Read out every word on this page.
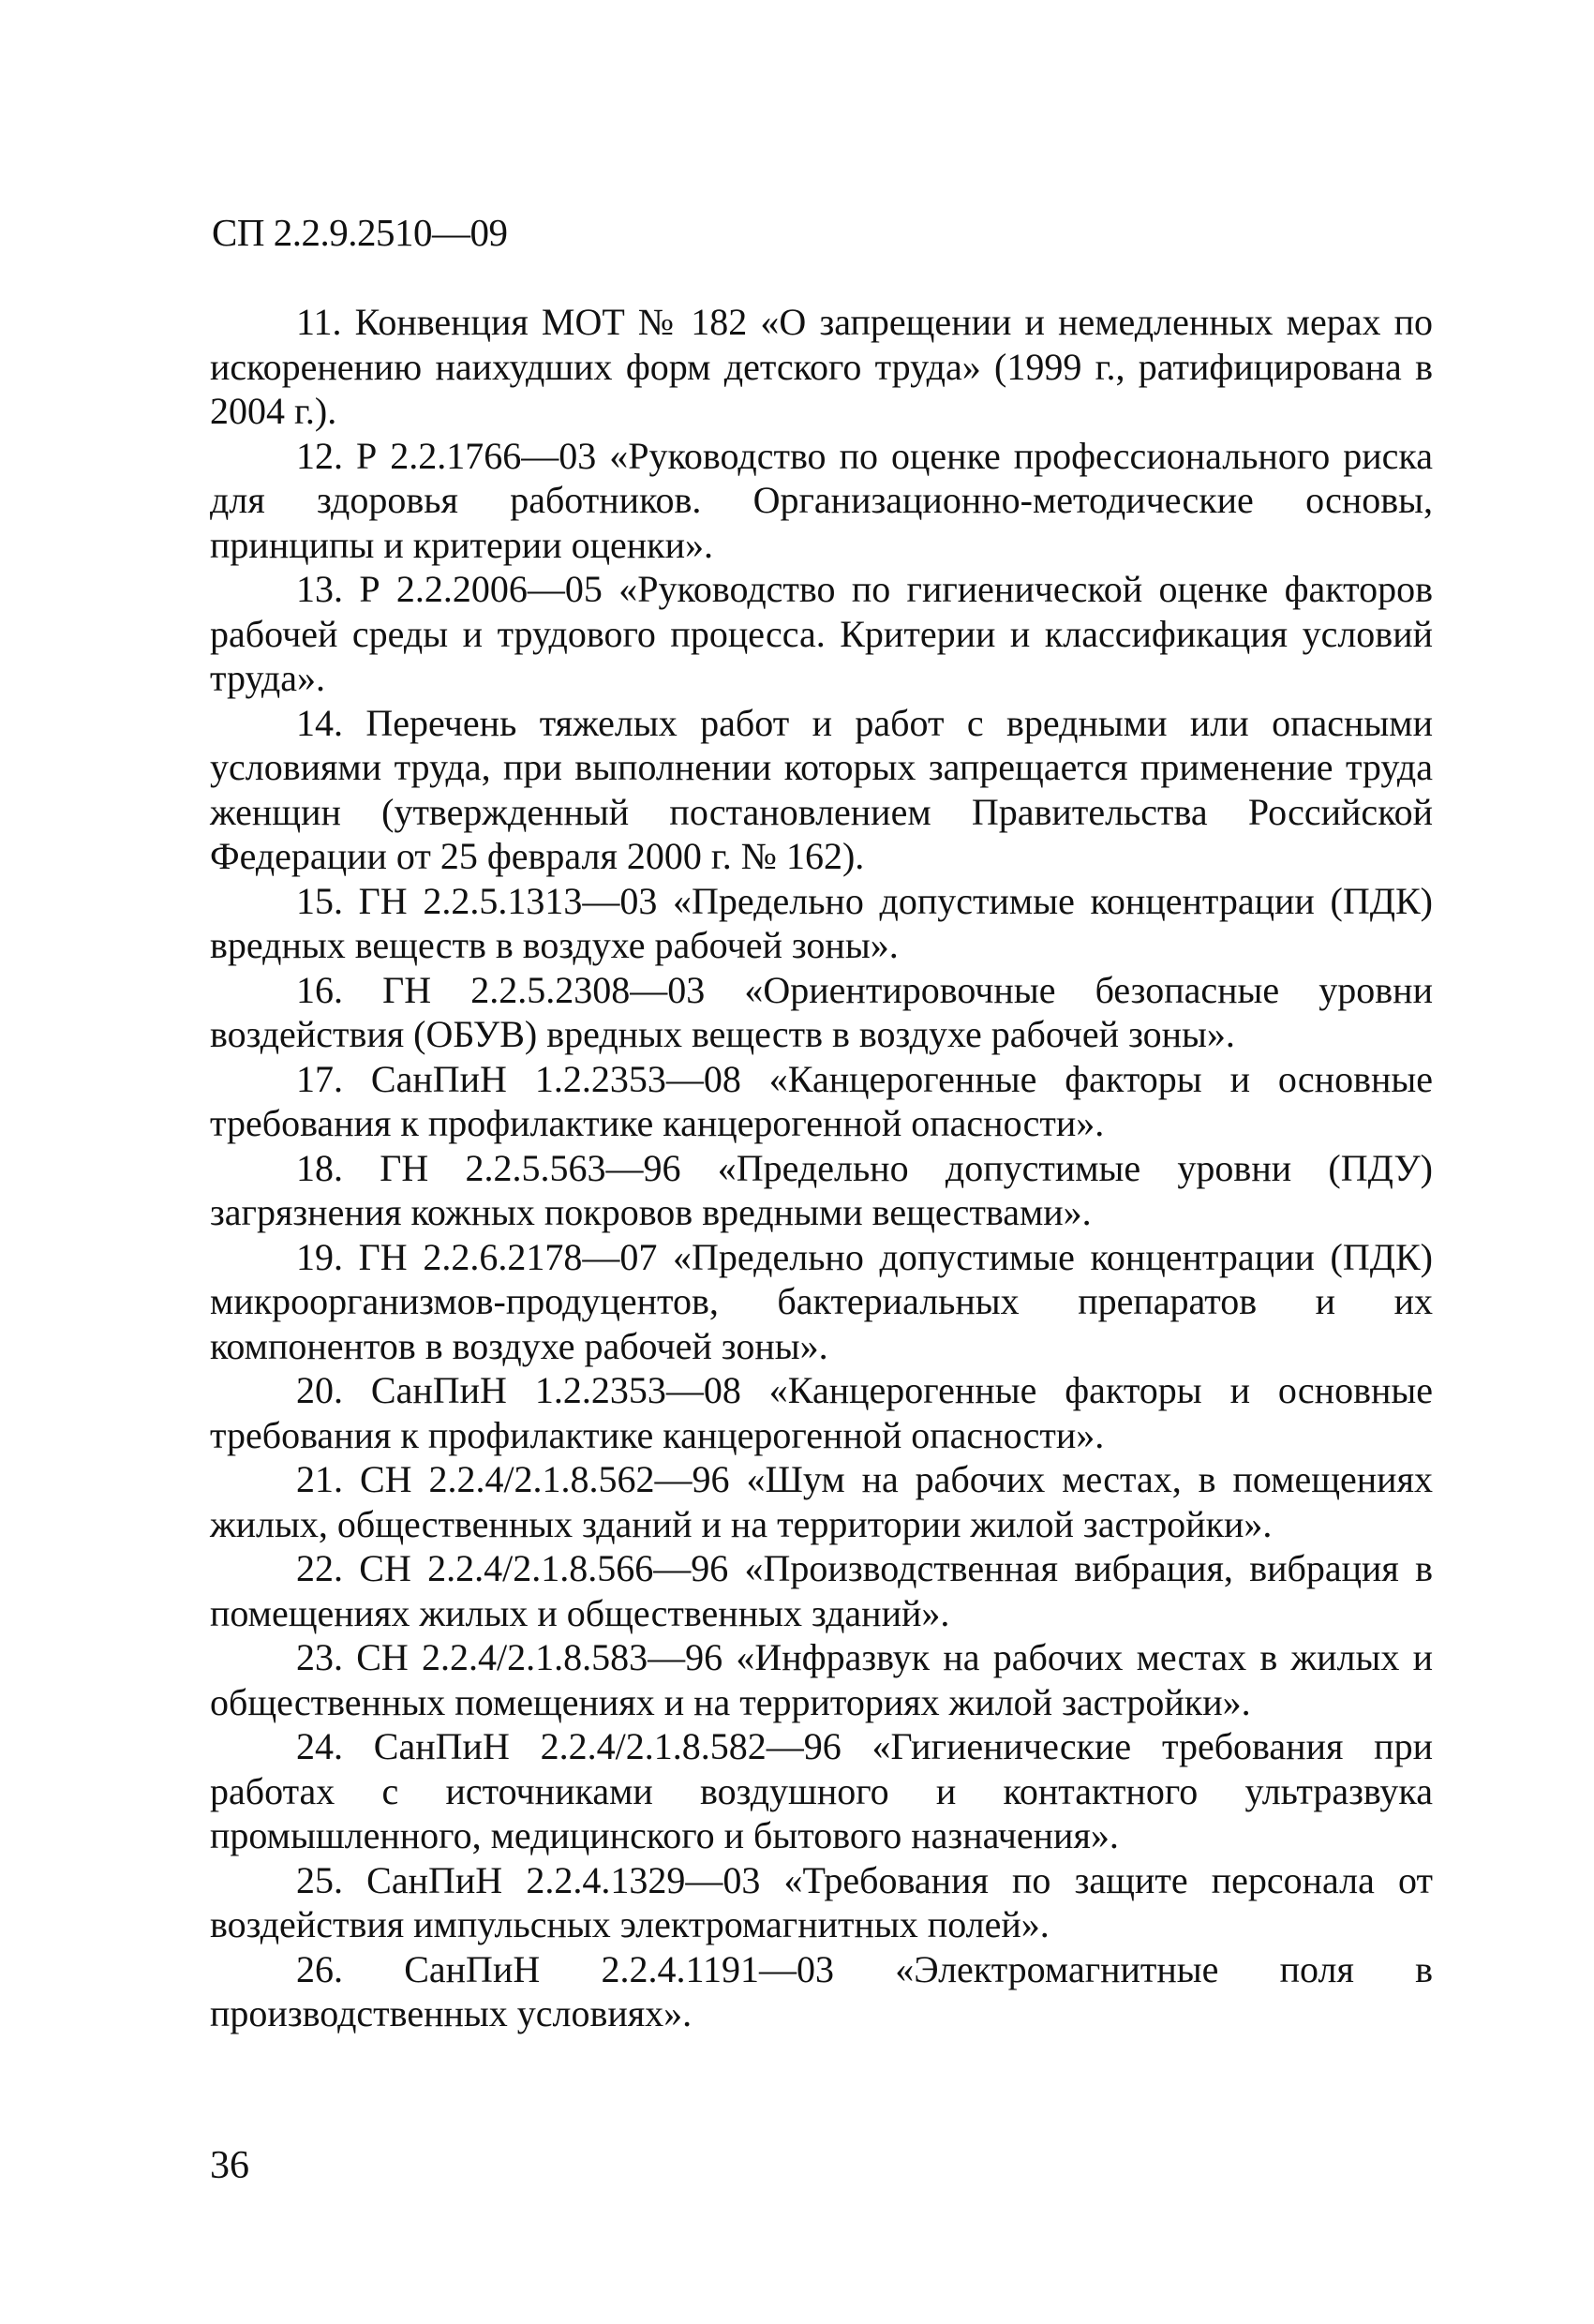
СП 2.2.9.2510—09

11. Конвенция МОТ № 182 «О запрещении и немедленных мерах по искоренению наихудших форм детского труда» (1999 г., ратифицирована в 2004 г.).

12. Р 2.2.1766—03 «Руководство по оценке профессионального риска для здоровья работников. Организационно-методические основы, принципы и критерии оценки».

13. Р 2.2.2006—05 «Руководство по гигиенической оценке факторов рабочей среды и трудового процесса. Критерии и классификация условий труда».

14. Перечень тяжелых работ и работ с вредными или опасными условиями труда, при выполнении которых запрещается применение труда женщин (утвержденный постановлением Правительства Российской Федерации от 25 февраля 2000 г. № 162).

15. ГН 2.2.5.1313—03 «Предельно допустимые концентрации (ПДК) вредных веществ в воздухе рабочей зоны».

16. ГН 2.2.5.2308—03 «Ориентировочные безопасные уровни воздействия (ОБУВ) вредных веществ в воздухе рабочей зоны».

17. СанПиН 1.2.2353—08 «Канцерогенные факторы и основные требования к профилактике канцерогенной опасности».

18. ГН 2.2.5.563—96 «Предельно допустимые уровни (ПДУ) загрязнения кожных покровов вредными веществами».

19. ГН 2.2.6.2178—07 «Предельно допустимые концентрации (ПДК) микроорганизмов-продуцентов, бактериальных препаратов и их компонентов в воздухе рабочей зоны».

20. СанПиН 1.2.2353—08 «Канцерогенные факторы и основные требования к профилактике канцерогенной опасности».

21. СН 2.2.4/2.1.8.562—96 «Шум на рабочих местах, в помещениях жилых, общественных зданий и на территории жилой застройки».

22. СН 2.2.4/2.1.8.566—96 «Производственная вибрация, вибрация в помещениях жилых и общественных зданий».

23. СН 2.2.4/2.1.8.583—96 «Инфразвук на рабочих местах в жилых и общественных помещениях и на территориях жилой застройки».

24. СанПиН 2.2.4/2.1.8.582—96 «Гигиенические требования при работах с источниками воздушного и контактного ультразвука промышленного, медицинского и бытового назначения».

25. СанПиН 2.2.4.1329—03 «Требования по защите персонала от воздействия импульсных электромагнитных полей».

26. СанПиН 2.2.4.1191—03 «Электромагнитные поля в производственных условиях».

36
